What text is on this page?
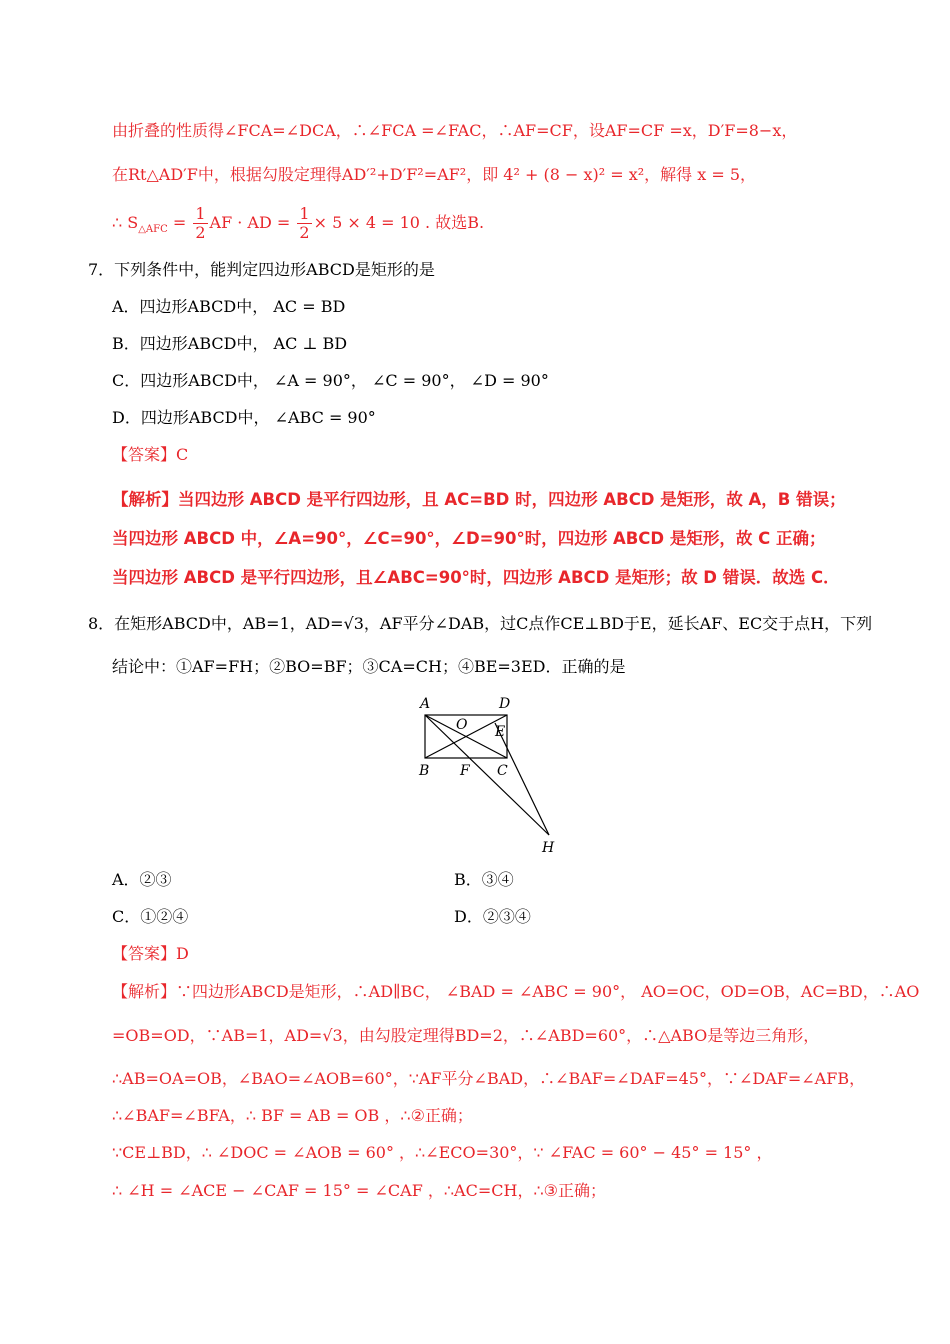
由折叠的性质得∠FCA=∠DCA，∴∠FCA =∠FAC，∴AF=CF，设AF=CF =x，D′F=8−x，
在Rt△AD′F中，根据勾股定理得AD′²+D′F²=AF²，即 4² + (8 − x)² = x²，解得 x = 5，
∴ $S_{\triangle AFC} = \frac{1}{2}$ AF · AD = $\frac{1}{2} \times 5 \times 4 = 10$ . 故选B.
7．下列条件中，能判定四边形ABCD是矩形的是
A．四边形ABCD中， AC = BD
B．四边形ABCD中， AC ⊥ BD
C．四边形ABCD中， ∠A = 90°， ∠C = 90°， ∠D = 90°
D．四边形ABCD中， ∠ABC = 90°
【答案】C
【解析】当四边形 ABCD 是平行四边形，且 AC=BD 时，四边形 ABCD 是矩形，故 A，B 错误；
当四边形 ABCD 中，∠A=90°，∠C=90°，∠D=90°时，四边形 ABCD 是矩形，故 C 正确；
当四边形 ABCD 是平行四边形，且∠ABC=90°时，四边形 ABCD 是矩形；故 D 错误．故选 C．
8．在矩形ABCD中，AB=1，AD=√3，AF平分∠DAB，过C点作CE⊥BD于E，延长AF、EC交于点H，下列
结论中：①AF=FH；②BO=BF；③CA=CH；④BE=3ED．正确的是
A	D
O E
B F C
H
A．②③	B．③④
C．①②④	D．②③④
【答案】D
【解析】∵四边形ABCD是矩形，∴AD∥BC， ∠BAD = ∠ABC = 90°， AO=OC，OD=OB，AC=BD，∴AO
=OB=OD，∵AB=1，AD=√3，由勾股定理得BD=2，∴∠ABD=60°，∴△ABO是等边三角形，
∴AB=OA=OB，∠BAO=∠AOB=60°，∵AF平分∠BAD，∴∠BAF=∠DAF=45°，∵∠DAF=∠AFB，
∴∠BAF=∠BFA，∴ BF = AB = OB ，∴②正确；
∵CE⊥BD，∴ ∠DOC = ∠AOB = 60° ，∴∠ECO=30°，∵ ∠FAC = 60° − 45° = 15° ，
∴ ∠H = ∠ACE − ∠CAF = 15° = ∠CAF ，∴AC=CH，∴③正确；
